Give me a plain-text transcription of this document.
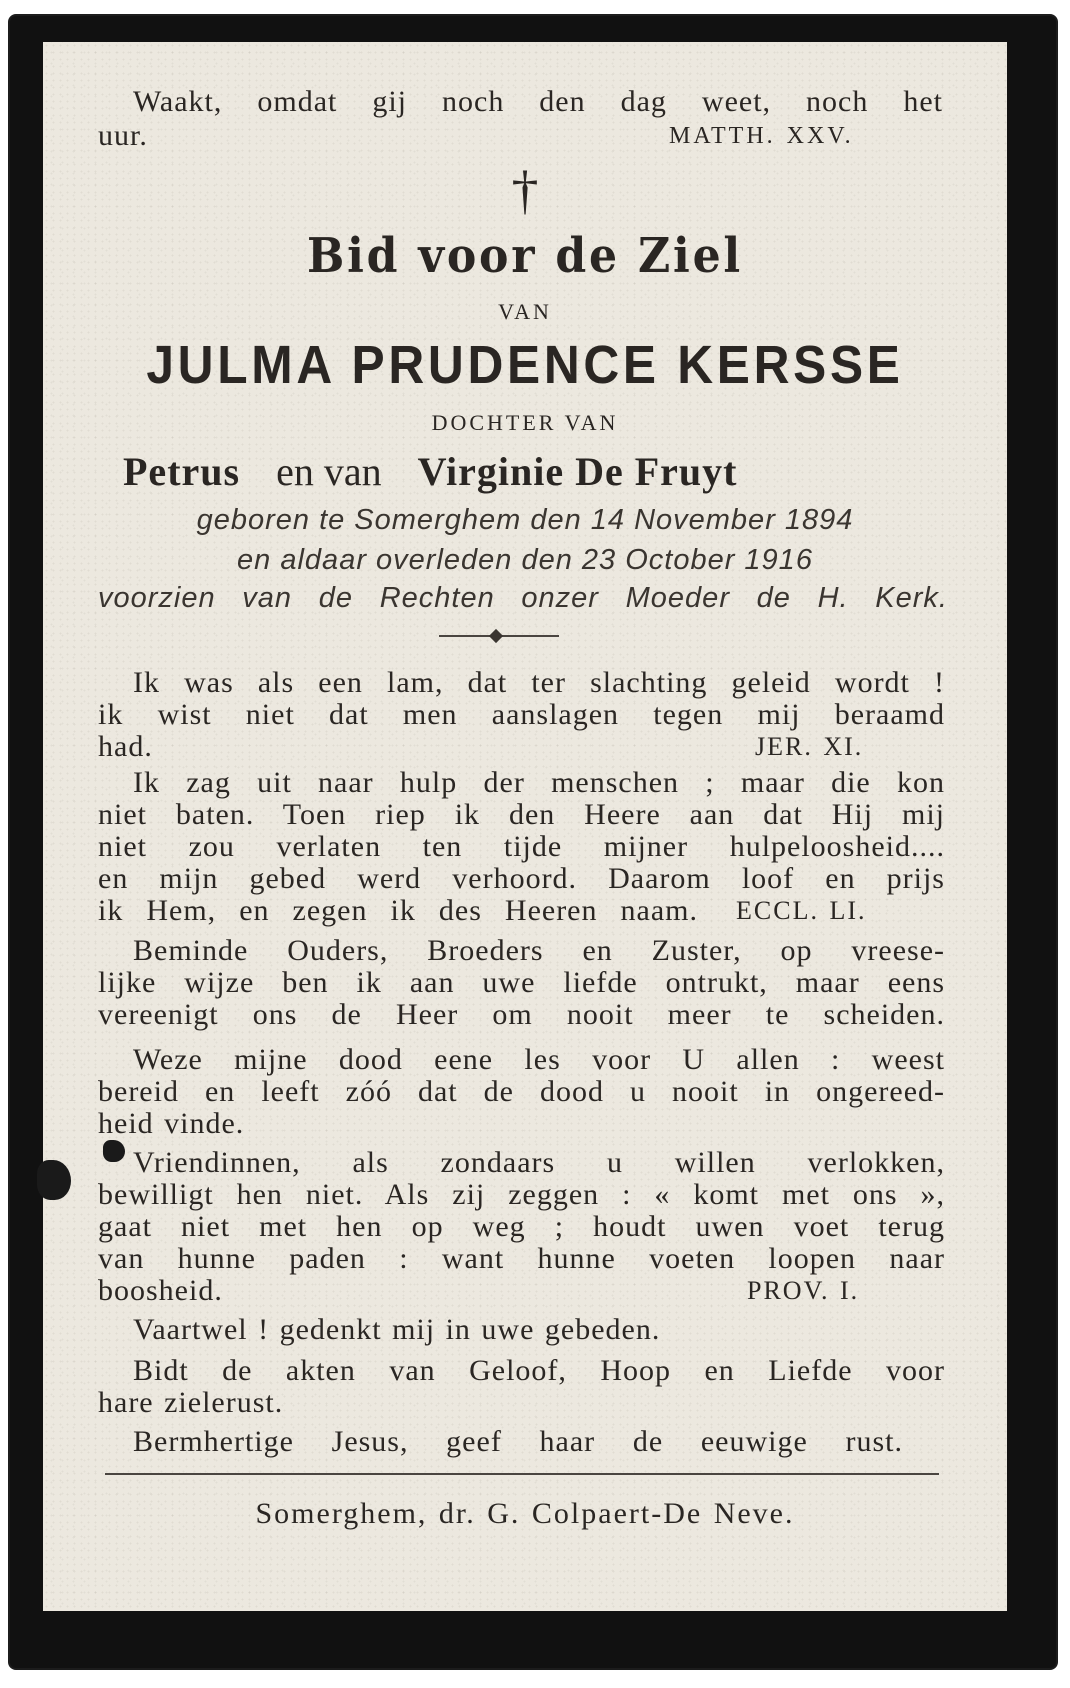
Waakt, omdat gij noch den dag weet, noch het
uur.	MATTH. XXV.
†
Bid voor de Ziel
VAN
JULMA PRUDENCE KERSSE
DOCHTER VAN
Petrus en van Virginie De Fruyt
geboren te Somerghem den 14 November 1894
en aldaar overleden den 23 October 1916
voorzien van de Rechten onzer Moeder de H. Kerk.
Ik was als een lam, dat ter slachting geleid wordt !
ik wist niet dat men aanslagen tegen mij beraamd
had.	JER. XI.
Ik zag uit naar hulp der menschen ; maar die kon
niet baten. Toen riep ik den Heere aan dat Hij mij
niet zou verlaten ten tijde mijner hulpeloosheid....
en mijn gebed werd verhoord. Daarom loof en prijs
ik Hem, en zegen ik des Heeren naam. ECCL. LI.
Beminde Ouders, Broeders en Zuster, op vreese-
lijke wijze ben ik aan uwe liefde ontrukt, maar eens
vereenigt ons de Heer om nooit meer te scheiden.
Weze mijne dood eene les voor U allen : weest
bereid en leeft zóó dat de dood u nooit in ongereed-
heid vinde.
Vriendinnen, als zondaars u willen verlokken,
bewilligt hen niet. Als zij zeggen : « komt met ons »,
gaat niet met hen op weg ; houdt uwen voet terug
van hunne paden : want hunne voeten loopen naar
boosheid.	PROV. I.
Vaartwel ! gedenkt mij in uwe gebeden.
Bidt de akten van Geloof, Hoop en Liefde voor
hare zielerust.
Bermhertige Jesus, geef haar de eeuwige rust.
Somerghem, dr. G. Colpaert-De Neve.
